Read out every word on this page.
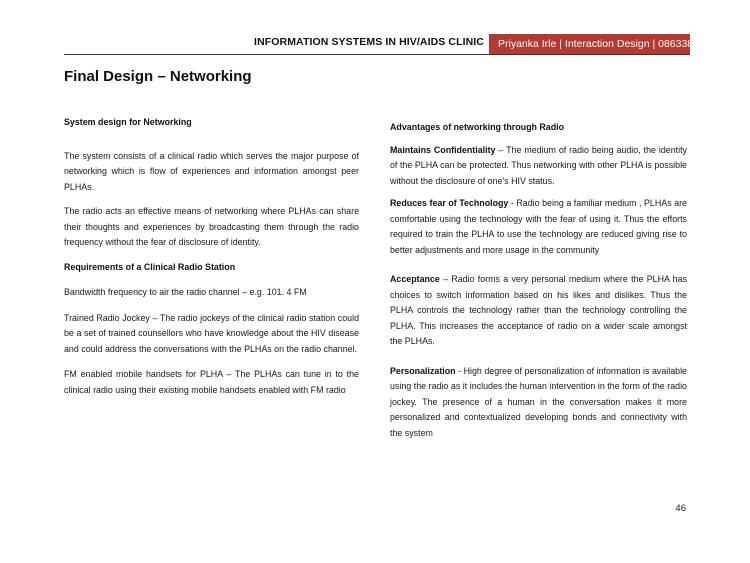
INFORMATION SYSTEMS IN HIV/AIDS CLINIC	Priyanka Irle | Interaction Design | 08633803
Final Design – Networking

System design for Networking

The system consists of a clinical radio which serves the major purpose of networking which is flow of experiences and information amongst peer PLHAs.

The radio acts an effective means of networking where PLHAs can share their thoughts and experiences by broadcasting them through the radio frequency without the fear of disclosure of identity.

Requirements of a Clinical Radio Station

Bandwidth frequency to air the radio channel – e.g. 101. 4 FM

Trained Radio Jockey – The radio jockeys of the clinical radio station could be a set of trained counsellors who have knowledge about the HIV disease and could address the conversations with the PLHAs on the radio channel.

FM enabled mobile handsets for PLHA – The PLHAs can tune in to the clinical radio using their existing mobile handsets enabled with FM radio

Advantages of networking through Radio

Maintains Confidentiality – The medium of radio being audio, the identity of the PLHA can be protected. Thus networking with other PLHA is possible without the disclosure of one's HIV status.

Reduces fear of Technology - Radio being a familiar medium , PLHAs are comfortable using the technology with the fear of using it. Thus the efforts required to train the PLHA to use the technology are reduced giving rise to better adjustments and more usage in the community

Acceptance – Radio forms a very personal medium where the PLHA has choices to switch information based on his likes and dislikes. Thus the PLHA controls the technology rather than the technology controlling the PLHA. This increases the acceptance of radio on a wider scale amongst the PLHAs.

Personalization - High degree of personalization of information is available using the radio as it includes the human intervention in the form of the radio jockey. The presence of a human in the conversation makes it more personalized and contextualized developing bonds and connectivity with the system

46
